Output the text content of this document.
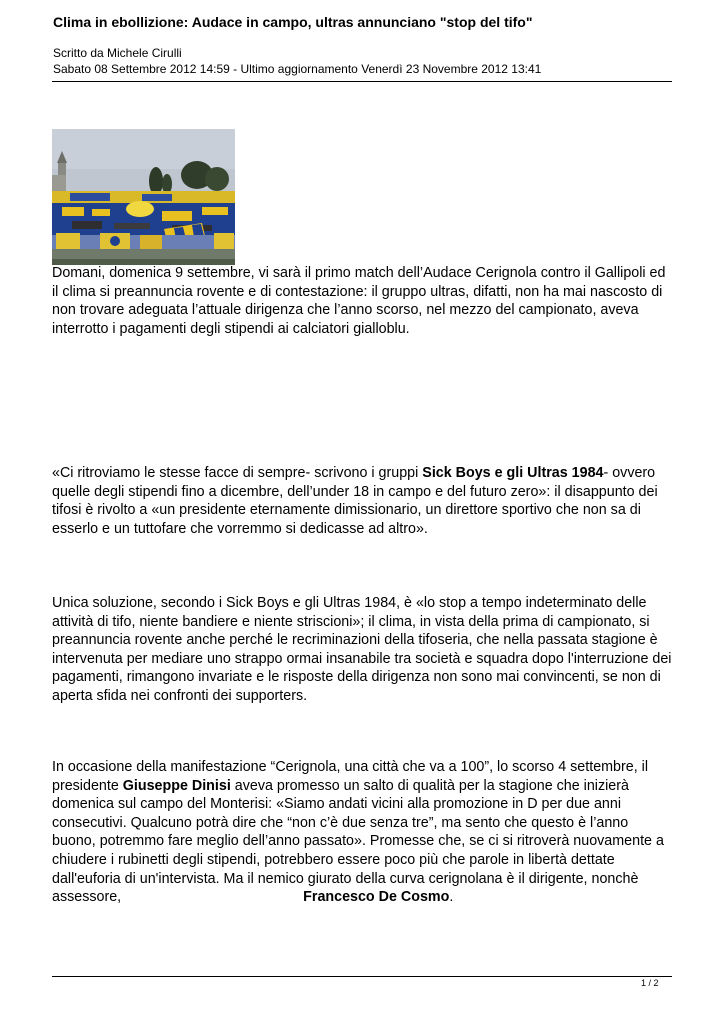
Clima in ebollizione: Audace in campo, ultras annunciano "stop del tifo"
Scritto da Michele Cirulli
Sabato 08 Settembre 2012 14:59 - Ultimo aggiornamento Venerdì 23 Novembre 2012 13:41
Domani, domenica 9 settembre, vi sarà il primo match dell’Audace Cerignola contro il Gallipoli ed il clima si preannuncia rovente e di contestazione: il gruppo ultras, difatti, non ha mai nascosto di non trovare adeguata l’attuale dirigenza che l’anno scorso, nel mezzo del campionato, aveva interrotto i pagamenti degli stipendi ai calciatori gialloblu.
«Ci ritroviamo le stesse facce di sempre- scrivono i gruppi Sick Boys e gli Ultras 1984- ovvero quelle degli stipendi fino a dicembre, dell’under 18 in campo e del futuro zero»: il disappunto dei tifosi è rivolto a «un presidente eternamente dimissionario, un direttore sportivo che non sa di esserlo e un tuttofare che vorremmo si dedicasse ad altro».
Unica soluzione, secondo i Sick Boys e gli Ultras 1984, è «lo stop a tempo indeterminato delle attività di tifo, niente bandiere e niente striscioni»; il clima, in vista della prima di campionato, si preannuncia rovente anche perché le recriminazioni della tifoseria, che nella passata stagione è intervenuta per mediare uno strappo ormai insanabile tra società e squadra dopo l'interruzione dei pagamenti, rimangono invariate e le risposte della dirigenza non sono mai convincenti, se non di aperta sfida nei confronti dei supporters.
In occasione della manifestazione “Cerignola, una città che va a 100”, lo scorso 4 settembre, il presidente Giuseppe Dinisi aveva promesso un salto di qualità per la stagione che inizierà domenica sul campo del Monterisi: «Siamo andati vicini alla promozione in D per due anni consecutivi. Qualcuno potrà dire che “non c’è due senza tre”, ma sento che questo è l’anno buono, potremmo fare meglio dell’anno passato». Promesse che, se ci si ritroverà nuovamente a chiudere i rubinetti degli stipendi, potrebbero essere poco più che parole in libertà dettate dall'euforia di un'intervista. Ma il nemico giurato della curva cerignolana è il dirigente, nonchè assessore,	Francesco De Cosmo.
1 / 2
